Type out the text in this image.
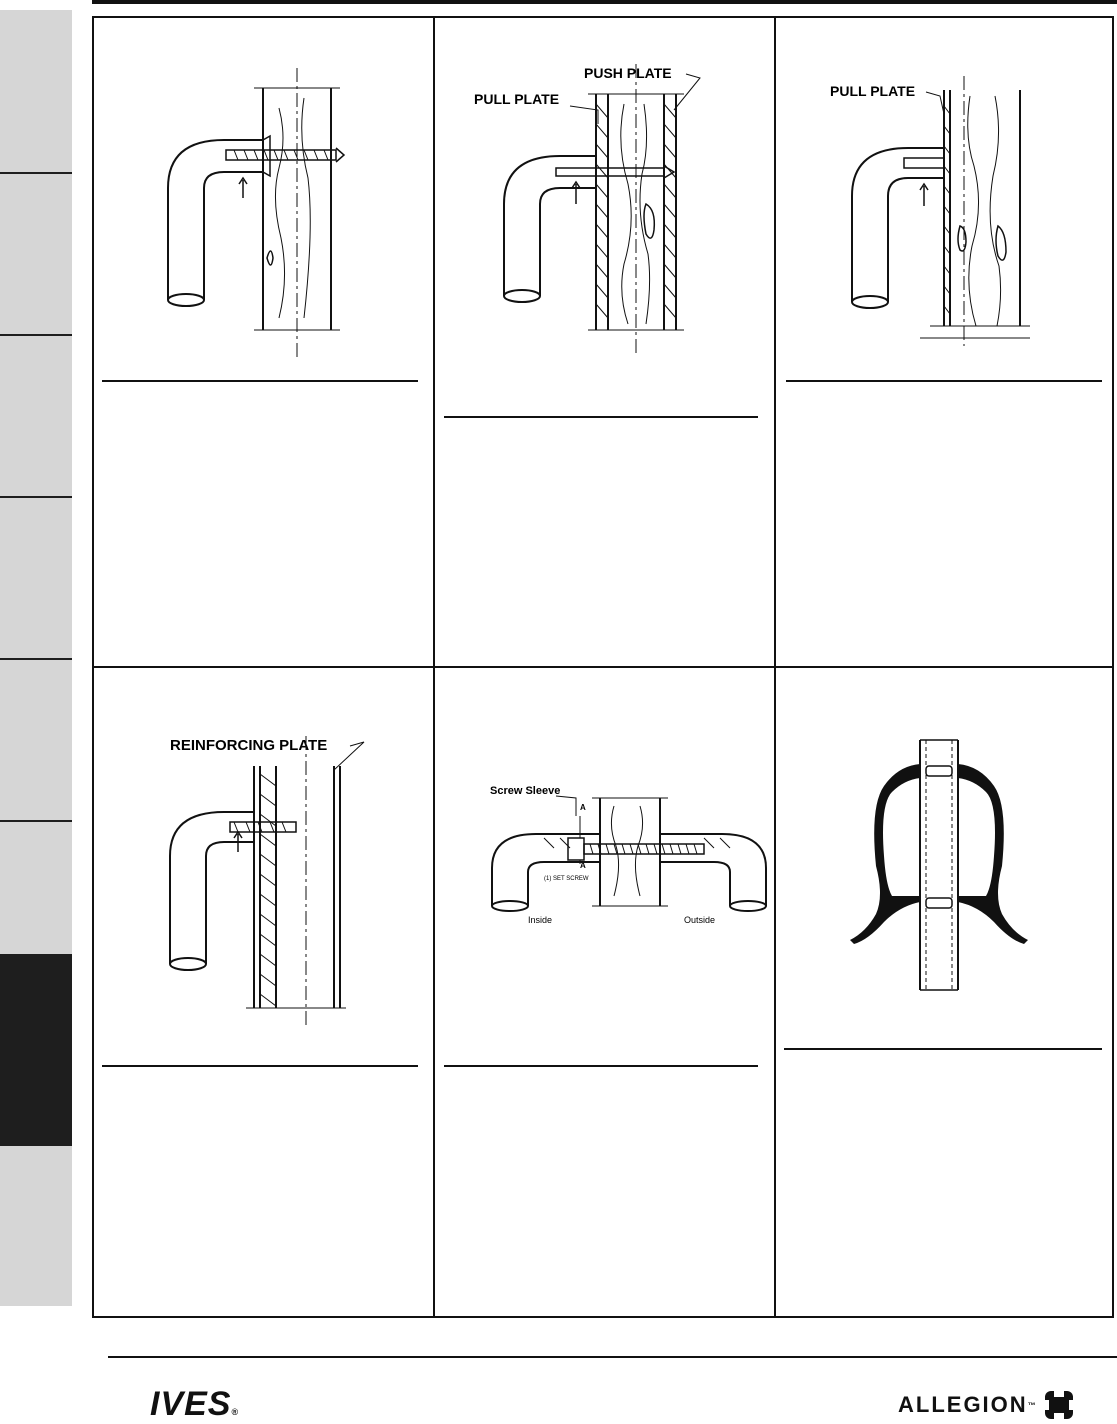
PUSH PLATE
PULL PLATE	PULL PLATE
REINFORCING PLATE
Screw Sleeve
A
A
(1) SET SCREW
Inside	Outside
IVES®	ALLEGION ™
